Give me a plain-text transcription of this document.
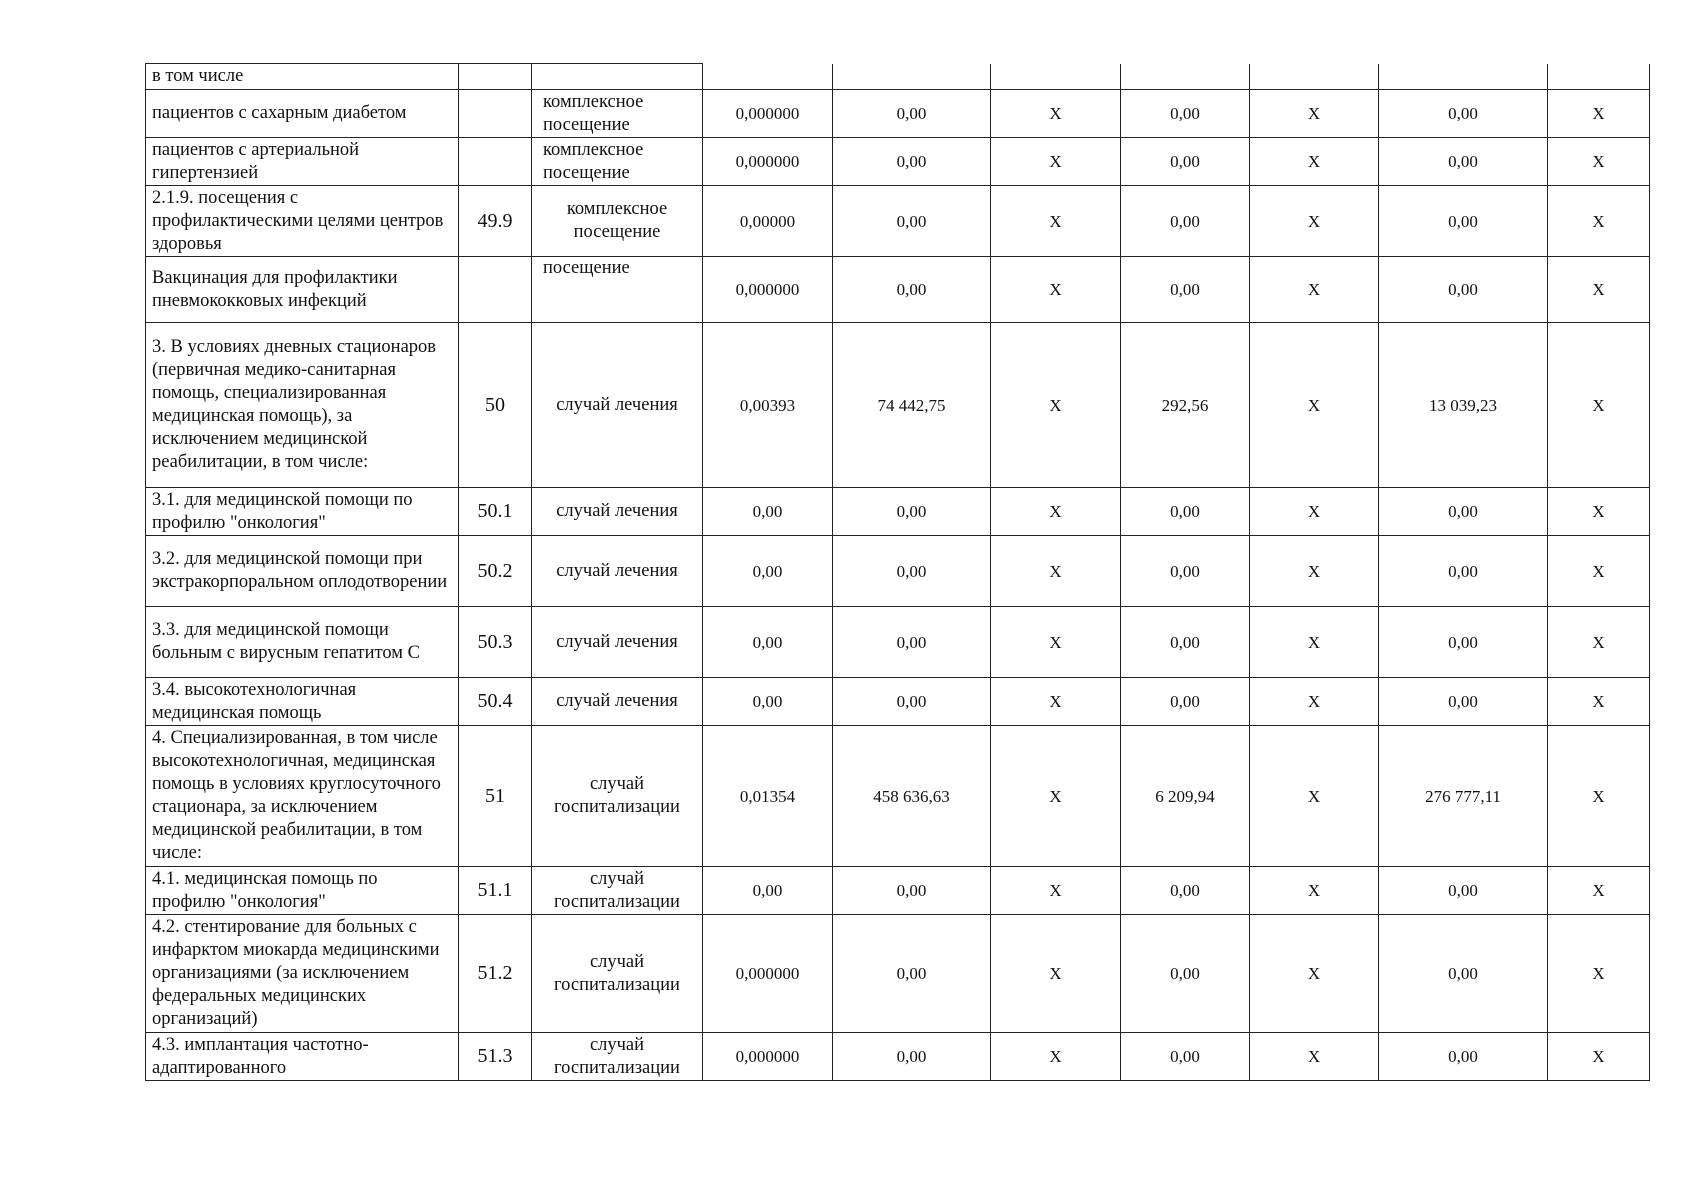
в том числе									
пациентов с сахарным диабетом		комплексное посещение	0,000000	0,00	X	0,00	X	0,00	X
пациентов с артериальной гипертензией		комплексное посещение	0,000000	0,00	X	0,00	X	0,00	X
2.1.9. посещения с профилактическими целями центров здоровья	49.9	комплексное посещение	0,00000	0,00	X	0,00	X	0,00	X
Вакцинация для профилактики пневмококковых инфекций		посещение	0,000000	0,00	X	0,00	X	0,00	X
3. В условиях дневных стационаров (первичная медико-санитарная помощь, специализированная медицинская помощь), за исключением медицинской реабилитации, в том числе:	50	случай лечения	0,00393	74 442,75	X	292,56	X	13 039,23	X
3.1. для медицинской помощи по профилю "онкология"	50.1	случай лечения	0,00	0,00	X	0,00	X	0,00	X
3.2. для медицинской помощи при экстракорпоральном оплодотворении	50.2	случай лечения	0,00	0,00	X	0,00	X	0,00	X
3.3. для медицинской помощи больным с вирусным гепатитом С	50.3	случай лечения	0,00	0,00	X	0,00	X	0,00	X
3.4. высокотехнологичная медицинская помощь	50.4	случай лечения	0,00	0,00	X	0,00	X	0,00	X
4. Специализированная, в том числе высокотехнологичная, медицинская помощь в условиях круглосуточного стационара, за исключением медицинской реабилитации, в том числе:	51	случай госпитализации	0,01354	458 636,63	X	6 209,94	X	276 777,11	X
4.1. медицинская помощь по профилю "онкология"	51.1	случай госпитализации	0,00	0,00	X	0,00	X	0,00	X
4.2. стентирование для больных с инфарктом миокарда медицинскими организациями (за исключением федеральных медицинских организаций)	51.2	случай госпитализации	0,000000	0,00	X	0,00	X	0,00	X
4.3. имплантация частотно-адаптированного	51.3	случай госпитализации	0,000000	0,00	X	0,00	X	0,00	X
